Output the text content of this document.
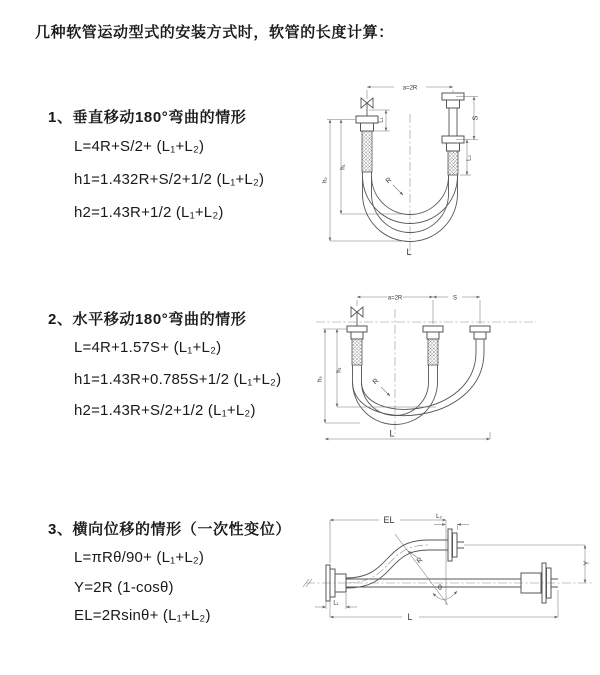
几种软管运动型式的安装方式时，软管的长度计算：
1、垂直移动180°弯曲的情形
L=4R+S/2+ (L₁+L₂)
h1=1.432R+S/2+1/2 (L₁+L₂)
h2=1.43R+1/2 (L₁+L₂)
a=2R
L₁	S
L₂
h₂
h₁
R
L
2、水平移动180°弯曲的情形
L=4R+1.57S+ (L₁+L₂)
h1=1.43R+0.785S+1/2 (L₁+L₂)
h2=1.43R+S/2+1/2 (L₁+L₂)
a=2R	S
h₁
h₂	R
L
3、横向位移的情形（一次性变位）
L=πRθ/90+ (L₁+L₂)
Y=2R (1-cosθ)
EL=2Rsinθ+ (L₁+L₂)
EL	L₂
Y
R
θ
L₁
L
